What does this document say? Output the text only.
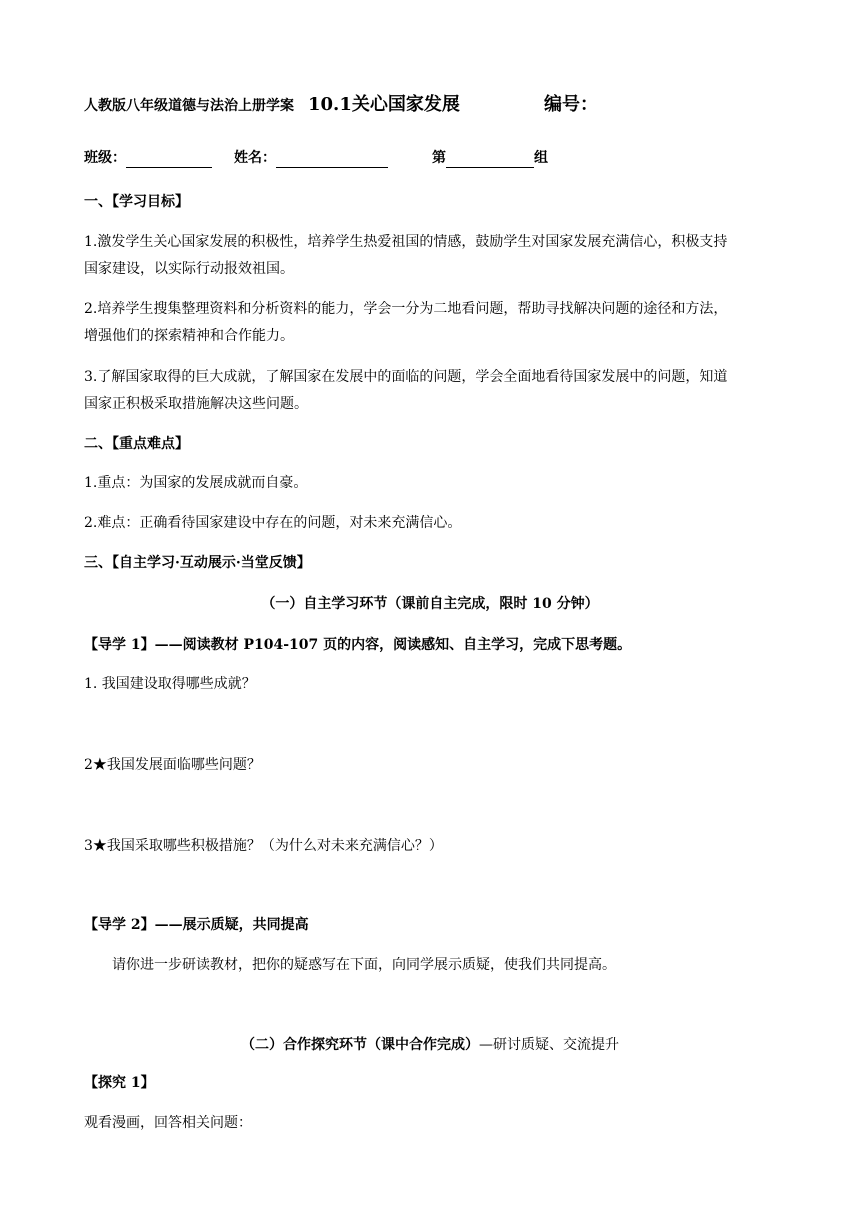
人教版八年级道德与法治上册学案 10.1关心国家发展	编号：
班级：	姓名：	第	组
一、【学习目标】
1.激发学生关心国家发展的积极性，培养学生热爱祖国的情感，鼓励学生对国家发展充满信心，积极支持
国家建设，以实际行动报效祖国。
2.培养学生搜集整理资料和分析资料的能力，学会一分为二地看问题，帮助寻找解决问题的途径和方法，
增强他们的探索精神和合作能力。
3.了解国家取得的巨大成就，了解国家在发展中的面临的问题，学会全面地看待国家发展中的问题，知道
国家正积极采取措施解决这些问题。
二、【重点难点】
1.重点：为国家的发展成就而自豪。
2.难点：正确看待国家建设中存在的问题，对未来充满信心。
三、【自主学习·互动展示·当堂反馈】
（一）自主学习环节（课前自主完成，限时 10 分钟）
【导学 1】——阅读教材 P104-107 页的内容，阅读感知、自主学习，完成下思考题。
1. 我国建设取得哪些成就？
2★我国发展面临哪些问题？
3★我国采取哪些积极措施？（为什么对未来充满信心？）
【导学 2】——展示质疑，共同提高
请你进一步研读教材，把你的疑惑写在下面，向同学展示质疑，使我们共同提高。
（二）合作探究环节（课中合作完成）—研讨质疑、交流提升
【探究 1】
观看漫画，回答相关问题：
